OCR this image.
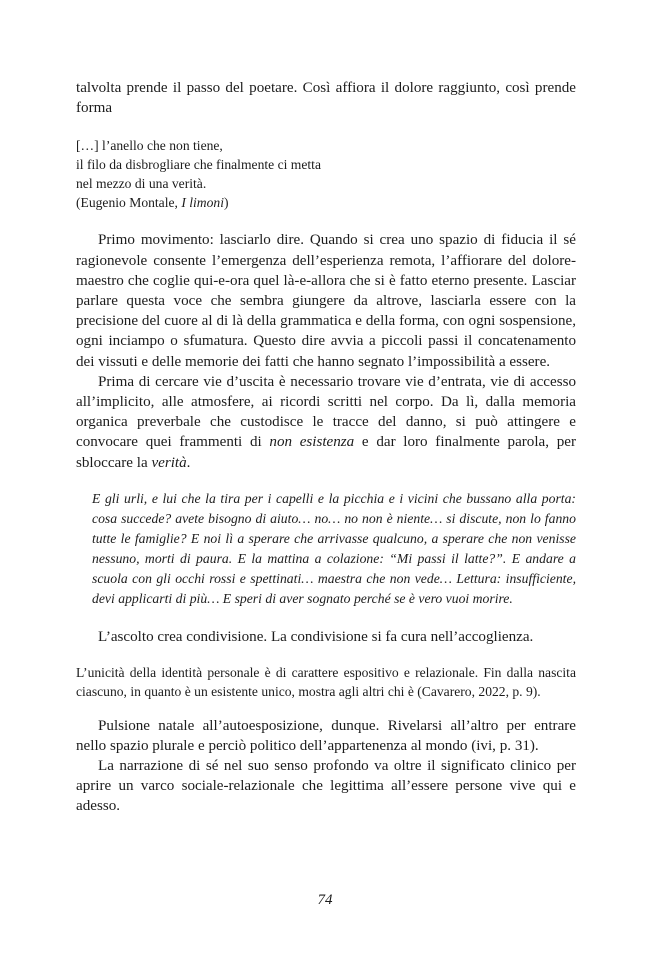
talvolta prende il passo del poetare. Così affiora il dolore raggiunto, così prende forma

[…] l’anello che non tiene,
il filo da disbrogliare che finalmente ci metta
nel mezzo di una verità.
(Eugenio Montale, I limoni)

Primo movimento: lasciarlo dire. Quando si crea uno spazio di fiducia il sé ragionevole consente l’emergenza dell’esperienza remota, l’affiorare del dolore-maestro che coglie qui-e-ora quel là-e-allora che si è fatto eterno presente. Lasciar parlare questa voce che sembra giungere da altrove, lasciarla essere con la precisione del cuore al di là della grammatica e della forma, con ogni sospensione, ogni inciampo o sfumatura. Questo dire avvia a piccoli passi il concatenamento dei vissuti e delle memorie dei fatti che hanno segnato l’impossibilità a essere.

Prima di cercare vie d’uscita è necessario trovare vie d’entrata, vie di accesso all’implicito, alle atmosfere, ai ricordi scritti nel corpo. Da lì, dalla memoria organica preverbale che custodisce le tracce del danno, si può attingere e convocare quei frammenti di non esistenza e dar loro finalmente parola, per sbloccare la verità.

E gli urli, e lui che la tira per i capelli e la picchia e i vicini che bussano alla porta: cosa succede? avete bisogno di aiuto… no… no non è niente… si discute, non lo fanno tutte le famiglie? E noi lì a sperare che arrivasse qualcuno, a sperare che non venisse nessuno, morti di paura. E la mattina a colazione: “Mi passi il latte?”. E andare a scuola con gli occhi rossi e spettinati… maestra che non vede… Lettura: insufficiente, devi applicarti di più… E speri di aver sognato perché se è vero vuoi morire.

L’ascolto crea condivisione. La condivisione si fa cura nell’accoglienza.

L’unicità della identità personale è di carattere espositivo e relazionale. Fin dalla nascita ciascuno, in quanto è un esistente unico, mostra agli altri chi è (Cavarero, 2022, p. 9).

Pulsione natale all’autoesposizione, dunque. Rivelarsi all’altro per entrare nello spazio plurale e perciò politico dell’appartenenza al mondo (ivi, p. 31).

La narrazione di sé nel suo senso profondo va oltre il significato clinico per aprire un varco sociale-relazionale che legittima all’essere persone vive qui e adesso.

74
